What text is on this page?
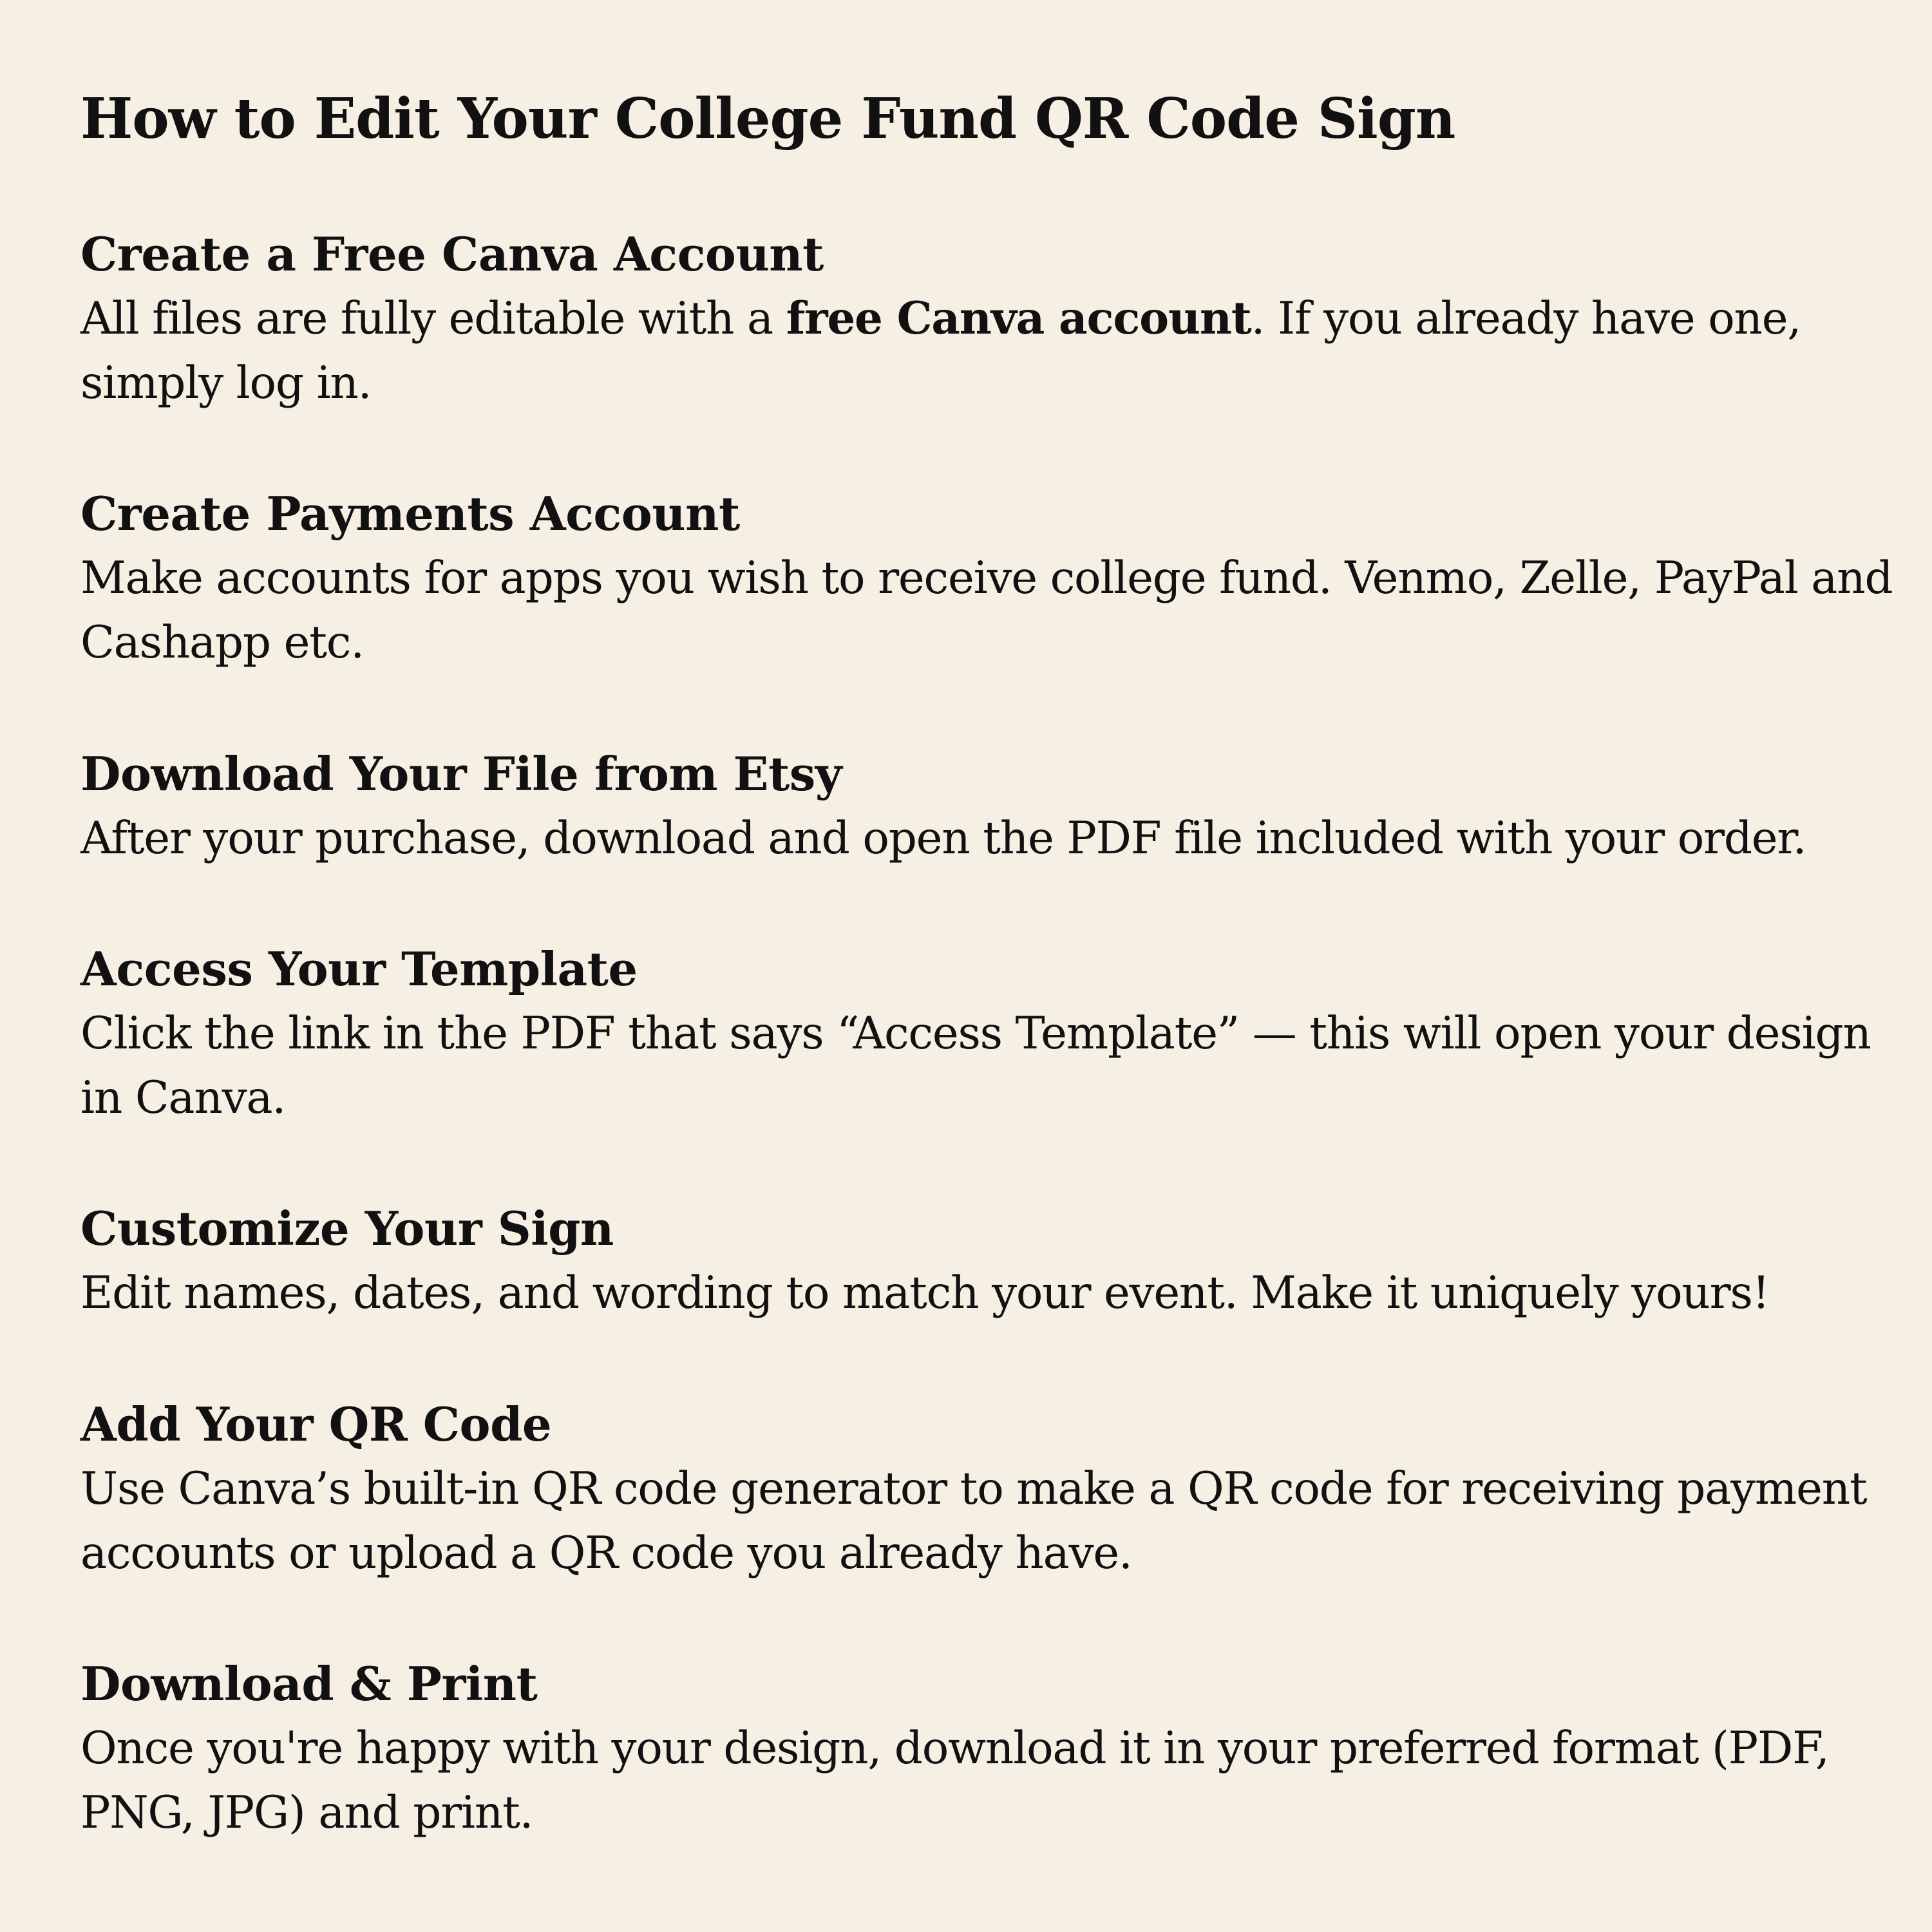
How to Edit Your College Fund QR Code Sign
Create a Free Canva Account

All files are fully editable with a free Canva account. If you already have one, simply log in.

Create Payments Account

Make accounts for apps you wish to receive college fund. Venmo, Zelle, PayPal and Cashapp etc.

Download Your File from Etsy

After your purchase, download and open the PDF file included with your order.

Access Your Template

Click the link in the PDF that says “Access Template” — this will open your design in Canva.

Customize Your Sign

Edit names, dates, and wording to match your event. Make it uniquely yours!

Add Your QR Code

Use Canva’s built-in QR code generator to make a QR code for receiving payment accounts or upload a QR code you already have.

Download & Print

Once you're happy with your design, download it in your preferred format (PDF, PNG, JPG) and print.
